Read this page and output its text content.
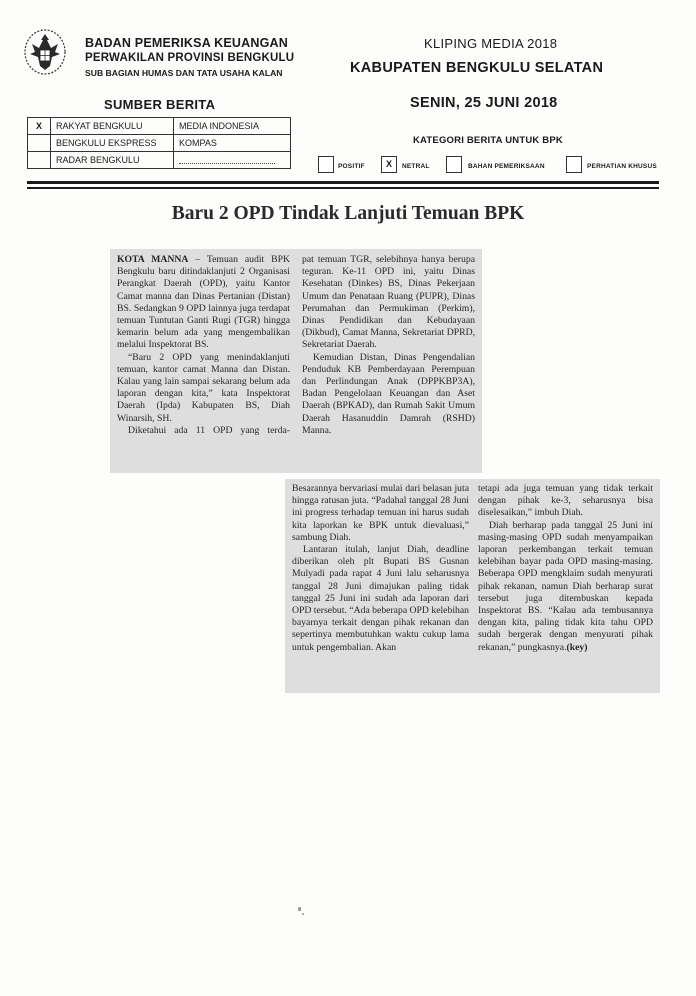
BADAN PEMERIKSA KEUANGAN
PERWAKILAN PROVINSI BENGKULU
SUB BAGIAN HUMAS DAN TATA USAHA KALAN
KLIPING MEDIA 2018
KABUPATEN BENGKULU SELATAN
SUMBER BERITA	SENIN, 25 JUNI 2018
X	RAKYAT BENGKULU	MEDIA INDONESIA
	BENGKULU EKSPRESS	KOMPAS
	RADAR BENGKULU	
KATEGORI BERITA UNTUK BPK
POSITIF	X	NETRAL	BAHAN PEMERIKSAAN	PERHATIAN KHUSUS
Baru 2 OPD Tindak Lanjuti Temuan BPK

KOTA MANNA – Temuan audit BPK Bengkulu baru ditindaklanjuti 2 Organisasi Perangkat Daerah (OPD), yaitu Kantor Camat manna dan Dinas Pertanian (Distan) BS. Sedangkan 9 OPD lainnya juga terdapat temuan Tuntutan Ganti Rugi (TGR) hingga kemarin belum ada yang mengembalikan melalui Inspektorat BS.

“Baru 2 OPD yang menindaklanjuti temuan, kantor camat Manna dan Distan. Kalau yang lain sampai sekarang belum ada laporan dengan kita,” kata Inspektorat Daerah (Ipda) Kabupaten BS, Diah Winarsih, SH.

Diketahui ada 11 OPD yang terda-

pat temuan TGR, selebihnya hanya berupa teguran. Ke-11 OPD ini, yaitu Dinas Kesehatan (Dinkes) BS, Dinas Pekerjaan Umum dan Penataan Ruang (PUPR), Dinas Perumahan dan Permukiman (Perkim), Dinas Pendidikan dan Kebudayaan (Dikbud), Camat Manna, Sekretariat DPRD, Sekretariat Daerah.

Kemudian Distan, Dinas Pengendalian Penduduk KB Pemberdayaan Perempuan dan Perlindungan Anak (DPPKBP3A), Badan Pengelolaan Keuangan dan Aset Daerah (BPKAD), dan Rumah Sakit Umum Daerah Hasanuddin Damrah (RSHD) Manna.

Besarannya bervariasi mulai dari belasan juta hingga ratusan juta. “Padahal tanggal 28 Juni ini progress terhadap temuan ini harus sudah kita laporkan ke BPK untuk dievaluasi,” sambung Diah.

Lantaran itulah, lanjut Diah, deadline diberikan oleh plt Bupati BS Gusnan Mulyadi pada rapat 4 Juni lalu seharusnya tanggal 28 Juni dimajukan paling tidak tanggal 25 Juni ini sudah ada laporan dari OPD tersebut. “Ada beberapa OPD kelebihan bayarnya terkait dengan pihak rekanan dan sepertinya membutuhkan waktu cukup lama untuk pengembalian. Akan

tetapi ada juga temuan yang tidak terkait dengan pihak ke-3, seharusnya bisa diselesaikan,” imbuh Diah.

Diah berharap pada tanggal 25 Juni ini masing-masing OPD sudah menyampaikan laporan perkembangan terkait temuan kelebihan bayar pada OPD masing-masing. Beberapa OPD mengklaim sudah menyurati pihak rekanan, namun Diah berharap surat tersebut juga ditembuskan kepada Inspektorat BS. “Kalau ada tembusannya dengan kita, paling tidak kita tahu OPD sudah bergerak dengan menyurati pihak rekanan,” pungkasnya.(key)
